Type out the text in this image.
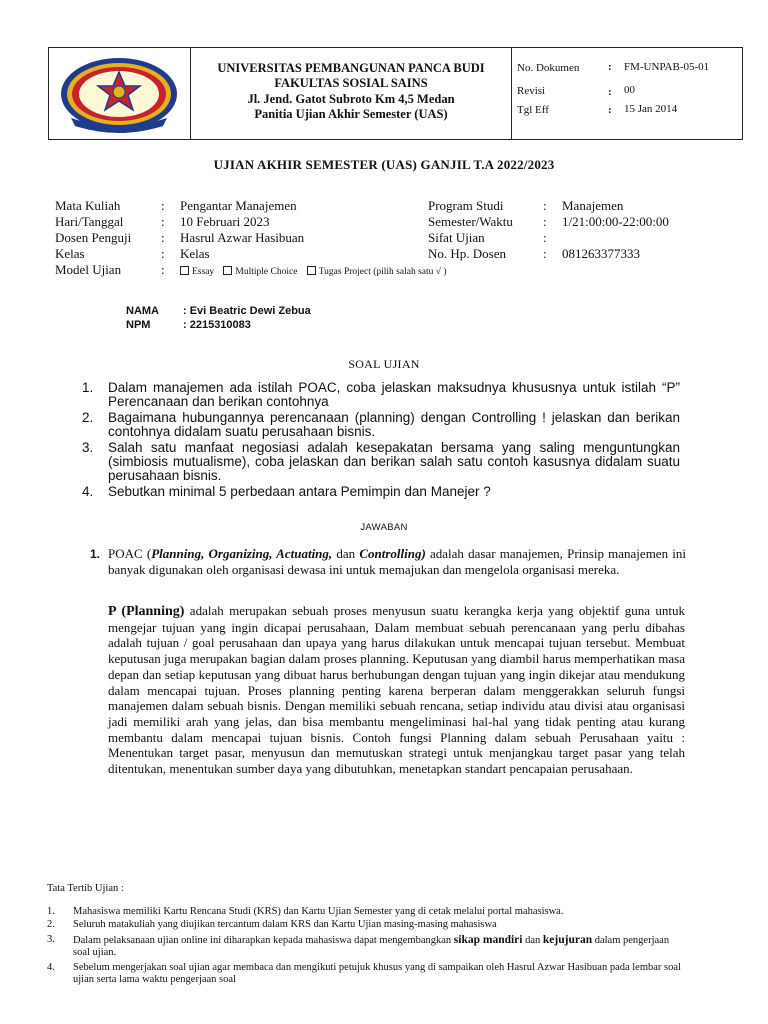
UNIVERSITAS PEMBANGUNAN PANCA BUDI
FAKULTAS SOSIAL SAINS
Jl. Jend. Gatot Subroto Km 4,5 Medan
Panitia Ujian Akhir Semester (UAS)
No. Dokumen	: FM-UNPAB-05-01
Revisi	: 00
Tgl Eff	: 15 Jan 2014
UJIAN AKHIR SEMESTER (UAS) GANJIL T.A 2022/2023
Mata Kuliah	: Pengantar Manajemen
Hari/Tanggal	: 10 Februari 2023
Dosen Penguji : Hasrul Azwar Hasibuan
Kelas	: Kelas
Model Ujian	:	Essay Multiple Choice Tugas Project (pilih salah satu √ )
Program Studi	: Manajemen
Semester/Waktu : 1/21:00:00-22:00:00
Sifat Ujian	:
No. Hp. Dosen	: 081263377333
NAMA : Evi Beatric Dewi Zebua
NPM	: 2215310083
SOAL UJIAN
1. Dalam manajemen ada istilah POAC, coba jelaskan maksudnya khususnya untuk istilah “P” Perencanaan dan berikan contohnya
2. Bagaimana hubungannya perencanaan (planning) dengan Controlling ! jelaskan dan berikan contohnya didalam suatu perusahaan bisnis.
3. Salah satu manfaat negosiasi adalah kesepakatan bersama yang saling menguntungkan (simbiosis mutualisme), coba jelaskan dan berikan salah satu contoh kasusnya didalam suatu perusahaan bisnis.
4. Sebutkan minimal 5 perbedaan antara Pemimpin dan Manejer ?
JAWABAN
1. POAC (Planning, Organizing, Actuating, dan Controlling) adalah dasar manajemen, Prinsip manajemen ini banyak digunakan oleh organisasi dewasa ini untuk memajukan dan mengelola organisasi mereka.
P (Planning) adalah merupakan sebuah proses menyusun suatu kerangka kerja yang objektif guna untuk mengejar tujuan yang ingin dicapai perusahaan, Dalam membuat sebuah perencanaan yang perlu dibahas adalah tujuan / goal perusahaan dan upaya yang harus dilakukan untuk mencapai tujuan tersebut. Membuat keputusan juga merupakan bagian dalam proses planning. Keputusan yang diambil harus memperhatikan masa depan dan setiap keputusan yang dibuat harus berhubungan dengan tujuan yang ingin dikejar atau mendukung dalam mencapai tujuan. Proses planning penting karena berperan dalam menggerakkan seluruh fungsi manajemen dalam sebuah bisnis. Dengan memiliki sebuah rencana, setiap individu atau divisi atau organisasi jadi memiliki arah yang jelas, dan bisa membantu mengeliminasi hal-hal yang tidak penting atau kurang membantu dalam mencapai tujuan bisnis. Contoh fungsi Planning dalam sebuah Perusahaan yaitu : Menentukan target pasar, menyusun dan memutuskan strategi untuk menjangkau target pasar yang telah ditentukan, menentukan sumber daya yang dibutuhkan, menetapkan standart pencapaian perusahaan.
Tata Tertib Ujian :
1. Mahasiswa memiliki Kartu Rencana Studi (KRS) dan Kartu Ujian Semester yang di cetak melalui portal mahasiswa.
2. Seluruh matakuliah yang diujikan tercantum dalam KRS dan Kartu Ujian masing-masing mahasiswa
3. Dalam pelaksanaan ujian online ini diharapkan kepada mahasiswa dapat mengembangkan sikap mandiri dan kejujuran dalam pengerjaan soal ujian.
4. Sebelum mengerjakan soal ujian agar membaca dan mengikuti petujuk khusus yang di sampaikan oleh Hasrul Azwar Hasibuan pada lembar soal ujian serta lama waktu pengerjaan soal
